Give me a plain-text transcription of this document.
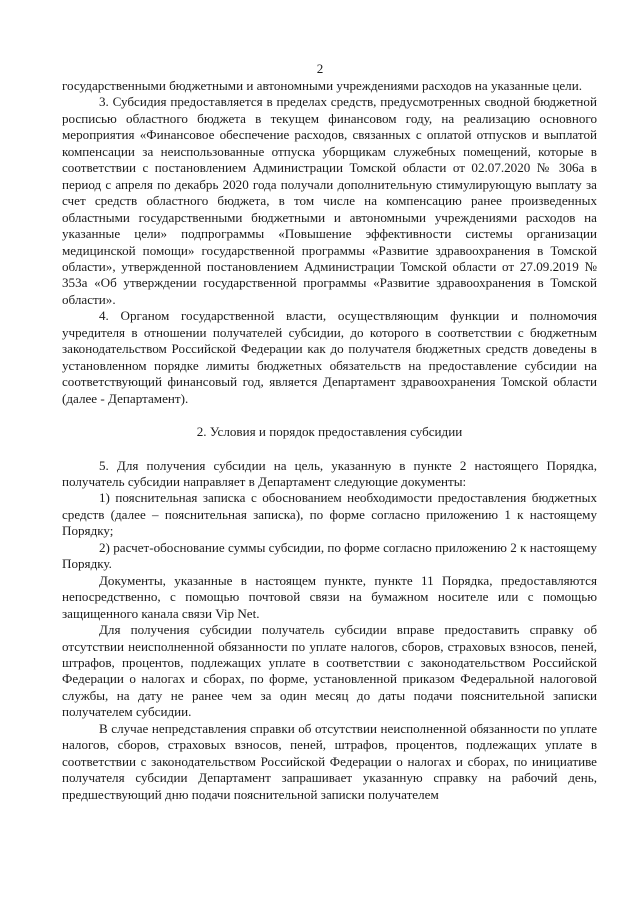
2

государственными бюджетными и автономными учреждениями расходов на указанные цели.

3. Субсидия предоставляется в пределах средств, предусмотренных сводной бюджетной росписью областного бюджета в текущем финансовом году, на реализацию основного мероприятия «Финансовое обеспечение расходов, связанных с оплатой отпусков и выплатой компенсации за неиспользованные отпуска уборщикам служебных помещений, которые в соответствии с постановлением Администрации Томской области от 02.07.2020 № 306а в период с апреля по декабрь 2020 года получали дополнительную стимулирующую выплату за счет средств областного бюджета, в том числе на компенсацию ранее произведенных областными государственными бюджетными и автономными учреждениями расходов на указанные цели» подпрограммы «Повышение эффективности системы организации медицинской помощи» государственной программы «Развитие здравоохранения в Томской области», утвержденной постановлением Администрации Томской области от 27.09.2019 № 353а «Об утверждении государственной программы «Развитие здравоохранения в Томской области».

4. Органом государственной власти, осуществляющим функции и полномочия учредителя в отношении получателей субсидии, до которого в соответствии с бюджетным законодательством Российской Федерации как до получателя бюджетных средств доведены в установленном порядке лимиты бюджетных обязательств на предоставление субсидии на соответствующий финансовый год, является Департамент здравоохранения Томской области (далее - Департамент).

2. Условия и порядок предоставления субсидии

5. Для получения субсидии на цель, указанную в пункте 2 настоящего Порядка, получатель субсидии направляет в Департамент следующие документы:

1) пояснительная записка с обоснованием необходимости предоставления бюджетных средств (далее – пояснительная записка), по форме согласно приложению 1 к настоящему Порядку;

2) расчет-обоснование суммы субсидии, по форме согласно приложению 2 к настоящему Порядку.

Документы, указанные в настоящем пункте, пункте 11 Порядка, предоставляются непосредственно, с помощью почтовой связи на бумажном носителе или с помощью защищенного канала связи Vip Net.

Для получения субсидии получатель субсидии вправе предоставить справку об отсутствии неисполненной обязанности по уплате налогов, сборов, страховых взносов, пеней, штрафов, процентов, подлежащих уплате в соответствии с законодательством Российской Федерации о налогах и сборах, по форме, установленной приказом Федеральной налоговой службы, на дату не ранее чем за один месяц до даты подачи пояснительной записки получателем субсидии.

В случае непредставления справки об отсутствии неисполненной обязанности по уплате налогов, сборов, страховых взносов, пеней, штрафов, процентов, подлежащих уплате в соответствии с законодательством Российской Федерации о налогах и сборах, по инициативе получателя субсидии Департамент запрашивает указанную справку на рабочий день, предшествующий дню подачи пояснительной записки получателем
